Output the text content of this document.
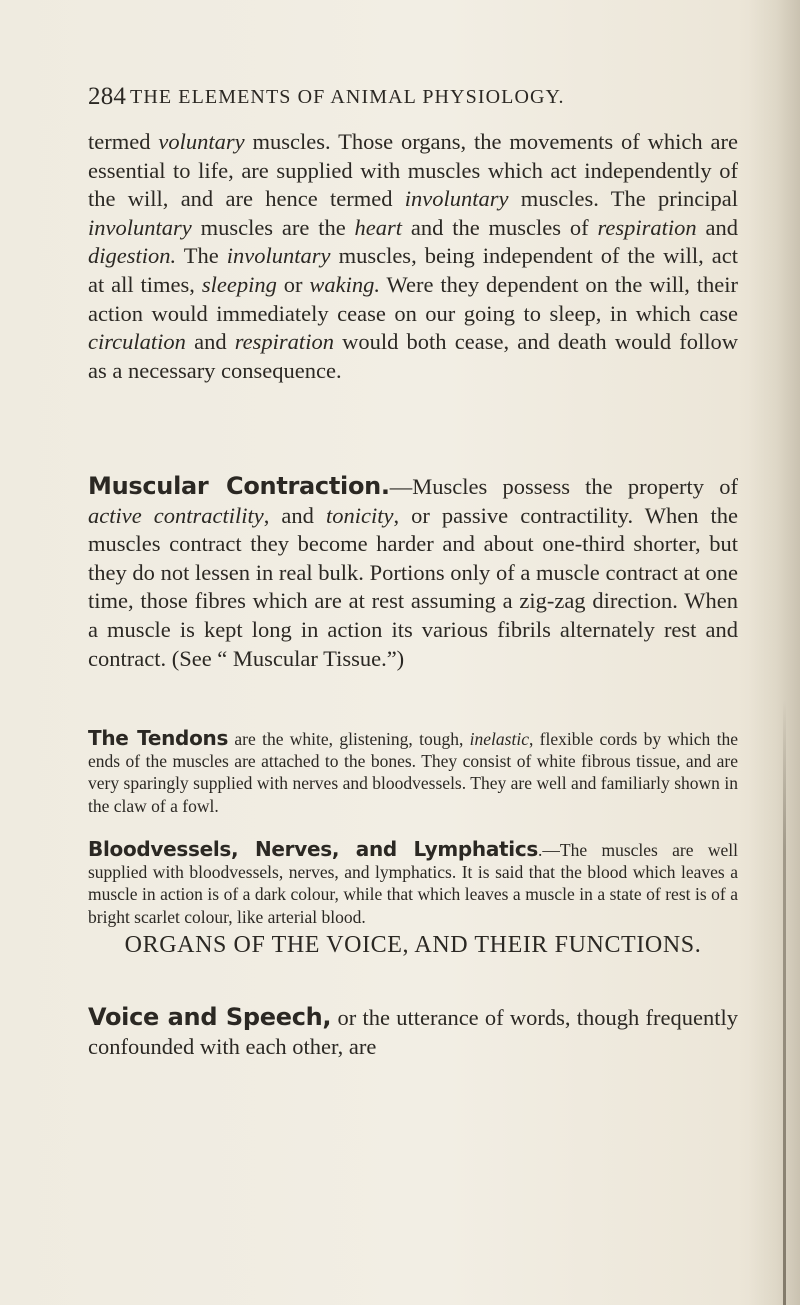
284 THE ELEMENTS OF ANIMAL PHYSIOLOGY.

termed voluntary muscles. Those organs, the movements of which are essential to life, are supplied with muscles which act independently of the will, and are hence termed involuntary muscles. The principal involuntary muscles are the heart and the muscles of respiration and digestion. The involuntary muscles, being independent of the will, act at all times, sleeping or waking. Were they dependent on the will, their action would immediately cease on our going to sleep, in which case circulation and respiration would both cease, and death would follow as a necessary consequence.

Muscular Contraction.—Muscles possess the property of active contractility, and tonicity, or passive contractility. When the muscles contract they become harder and about one-third shorter, but they do not lessen in real bulk. Portions only of a muscle contract at one time, those fibres which are at rest assuming a zig-zag direction. When a muscle is kept long in action its various fibrils alternately rest and contract. (See “ Muscular Tissue.”)

The Tendons are the white, glistening, tough, inelastic, flexible cords by which the ends of the muscles are attached to the bones. They consist of white fibrous tissue, and are very sparingly supplied with nerves and bloodvessels. They are well and familiarly shown in the claw of a fowl.

Bloodvessels, Nerves, and Lymphatics.—The muscles are well supplied with bloodvessels, nerves, and lymphatics. It is said that the blood which leaves a muscle in action is of a dark colour, while that which leaves a muscle in a state of rest is of a bright scarlet colour, like arterial blood.

ORGANS OF THE VOICE, AND THEIR FUNCTIONS.

Voice and Speech, or the utterance of words, though frequently confounded with each other, are
